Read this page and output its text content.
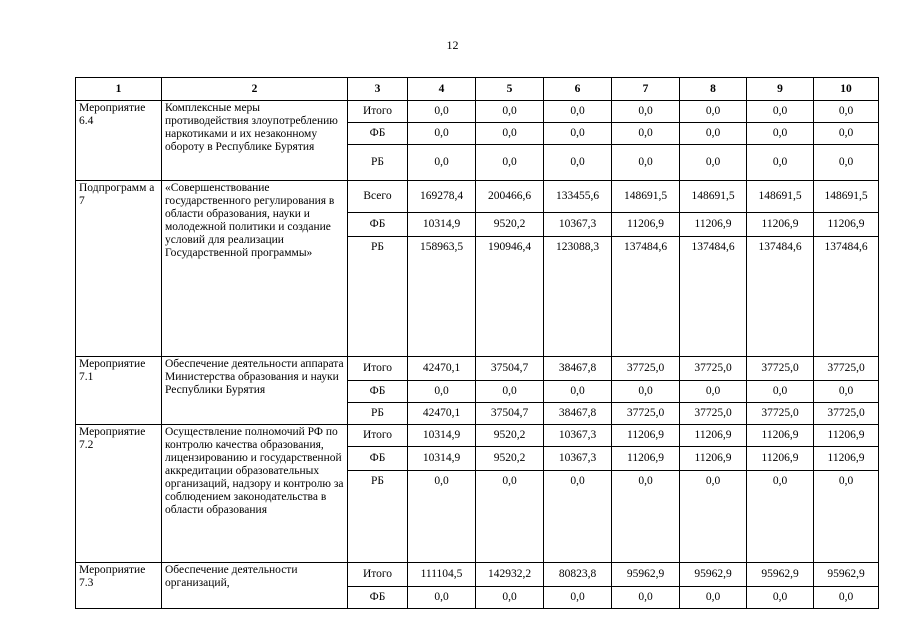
12
1	2	3	4	5	6	7	8	9	10
Мероприятие 6.4	Комплексные меры противодействия злоупотреблению наркотиками и их незаконному обороту в Республике Бурятия	Итого	0,0	0,0	0,0	0,0	0,0	0,0	0,0
		ФБ	0,0	0,0	0,0	0,0	0,0	0,0	0,0
		РБ	0,0	0,0	0,0	0,0	0,0	0,0	0,0
Подпрограмм а 7	«Совершенствование государственного регулирования в области образования, науки и молодежной политики и создание условий для реализации Государственной программы»	Всего	169278,4	200466,6	133455,6	148691,5	148691,5	148691,5	148691,5
		ФБ	10314,9	9520,2	10367,3	11206,9	11206,9	11206,9	11206,9
		РБ	158963,5	190946,4	123088,3	137484,6	137484,6	137484,6	137484,6
Мероприятие 7.1	Обеспечение деятельности аппарата Министерства образования и науки Республики Бурятия	Итого	42470,1	37504,7	38467,8	37725,0	37725,0	37725,0	37725,0
		ФБ	0,0	0,0	0,0	0,0	0,0	0,0	0,0
		РБ	42470,1	37504,7	38467,8	37725,0	37725,0	37725,0	37725,0
Мероприятие 7.2	Осуществление полномочий РФ по контролю качества образования, лицензированию и государственной аккредитации образовательных организаций, надзору и контролю за соблюдением законодательства в области образования	Итого	10314,9	9520,2	10367,3	11206,9	11206,9	11206,9	11206,9
		ФБ	10314,9	9520,2	10367,3	11206,9	11206,9	11206,9	11206,9
		РБ	0,0	0,0	0,0	0,0	0,0	0,0	0,0
Мероприятие 7.3	Обеспечение деятельности организаций,	Итого	111104,5	142932,2	80823,8	95962,9	95962,9	95962,9	95962,9
		ФБ	0,0	0,0	0,0	0,0	0,0	0,0	0,0
